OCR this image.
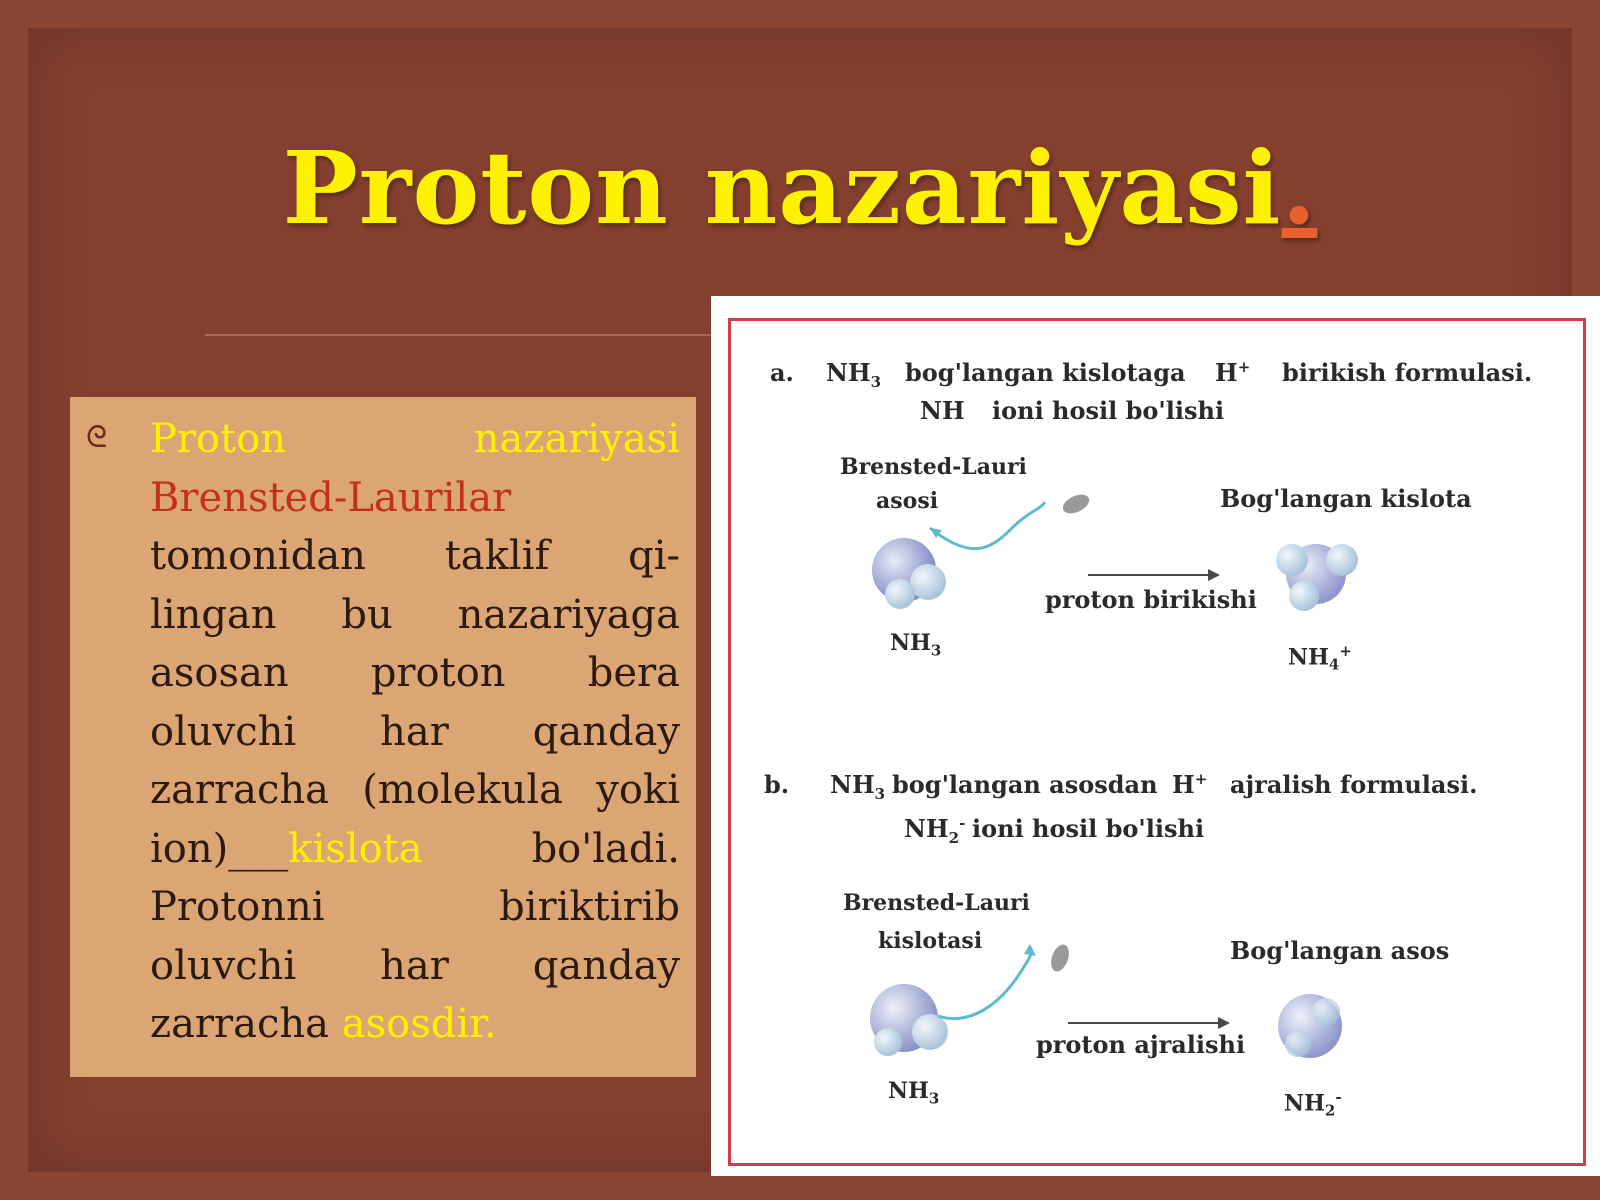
Proton nazariyasi.
ᘓ Proton	nazariyasi
Brensted-Laurilar
tomonidan taklif qi-
lingan bu nazariyaga
asosan proton bera
oluvchi har qanday
zarracha (molekula yoki
ion)___kislota	bo'ladi.
Protonni	biriktirib
oluvchi har qanday
zarracha asosdir.
a. $NH_3$ bog'langan kislotaga H+ birikish formulasi.
NH ioni hosil bo'lishi
Brensted-Lauri
asosi	Bog'langan kislota
proton birikishi
$NH_3$	$NH_4^+$
b. $NH_3$ bog'langan asosdan H+ ajralish formulasi.
$NH_2^-$ ioni hosil bo'lishi
Brensted-Lauri
kislotasi	Bog'langan asos
proton ajralishi
$NH_3$	$NH_2^-$
